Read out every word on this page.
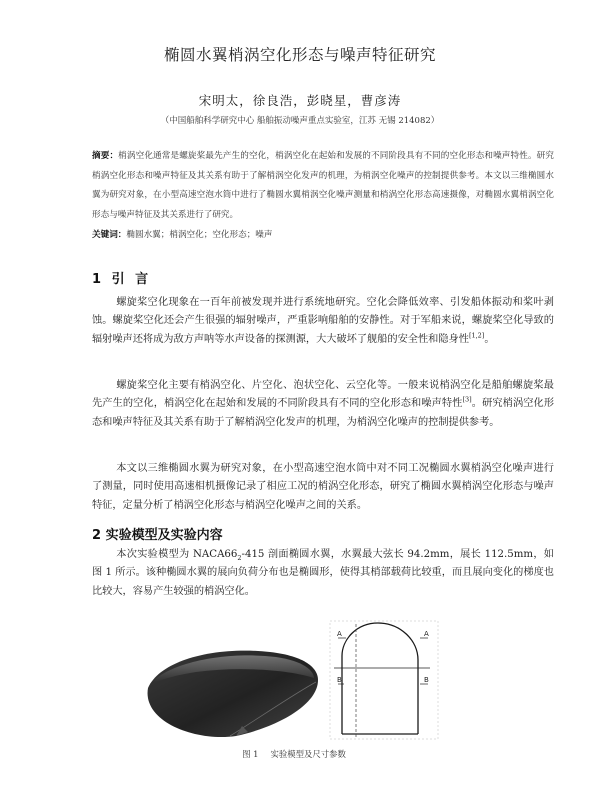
椭圆水翼梢涡空化形态与噪声特征研究
宋明太，徐良浩，彭晓星，曹彦涛
（中国船舶科学研究中心 船舶振动噪声重点实验室，江苏 无锡 214082）
摘要：梢涡空化通常是螺旋桨最先产生的空化，梢涡空化在起始和发展的不同阶段具有不同的空化形态和噪声特性。研究梢涡空化形态和噪声特征及其关系有助于了解梢涡空化发声的机理，为梢涡空化噪声的控制提供参考。本文以三维椭圆水翼为研究对象，在小型高速空泡水筒中进行了椭圆水翼梢涡空化噪声测量和梢涡空化形态高速摄像，对椭圆水翼梢涡空化形态与噪声特征及其关系进行了研究。
关键词：椭圆水翼；梢涡空化；空化形态；噪声
1 引 言
螺旋桨空化现象在一百年前被发现并进行系统地研究。空化会降低效率、引发船体振动和桨叶剥蚀。螺旋桨空化还会产生很强的辐射噪声，严重影响船舶的安静性。对于军船来说，螺旋桨空化导致的辐射噪声还将成为敌方声呐等水声设备的探测源，大大破坏了舰船的安全性和隐身性[1,2]。
螺旋桨空化主要有梢涡空化、片空化、泡状空化、云空化等。一般来说梢涡空化是船舶螺旋桨最先产生的空化，梢涡空化在起始和发展的不同阶段具有不同的空化形态和噪声特性[3]。研究梢涡空化形态和噪声特征及其关系有助于了解梢涡空化发声的机理，为梢涡空化噪声的控制提供参考。
本文以三维椭圆水翼为研究对象，在小型高速空泡水筒中对不同工况椭圆水翼梢涡空化噪声进行了测量，同时使用高速相机摄像记录了相应工况的梢涡空化形态，研究了椭圆水翼梢涡空化形态与噪声特征，定量分析了梢涡空化形态与梢涡空化噪声之间的关系。
2 实验模型及实验内容
本次实验模型为 $NACA66_2-415$ 剖面椭圆水翼，水翼最大弦长 94.2mm，展长 112.5mm，如图 1 所示。该种椭圆水翼的展向负荷分布也是椭圆形，使得其梢部载荷比较重，而且展向变化的梯度也比较大，容易产生较强的梢涡空化。
A	A
B	B
图 1 实验模型及尺寸参数
